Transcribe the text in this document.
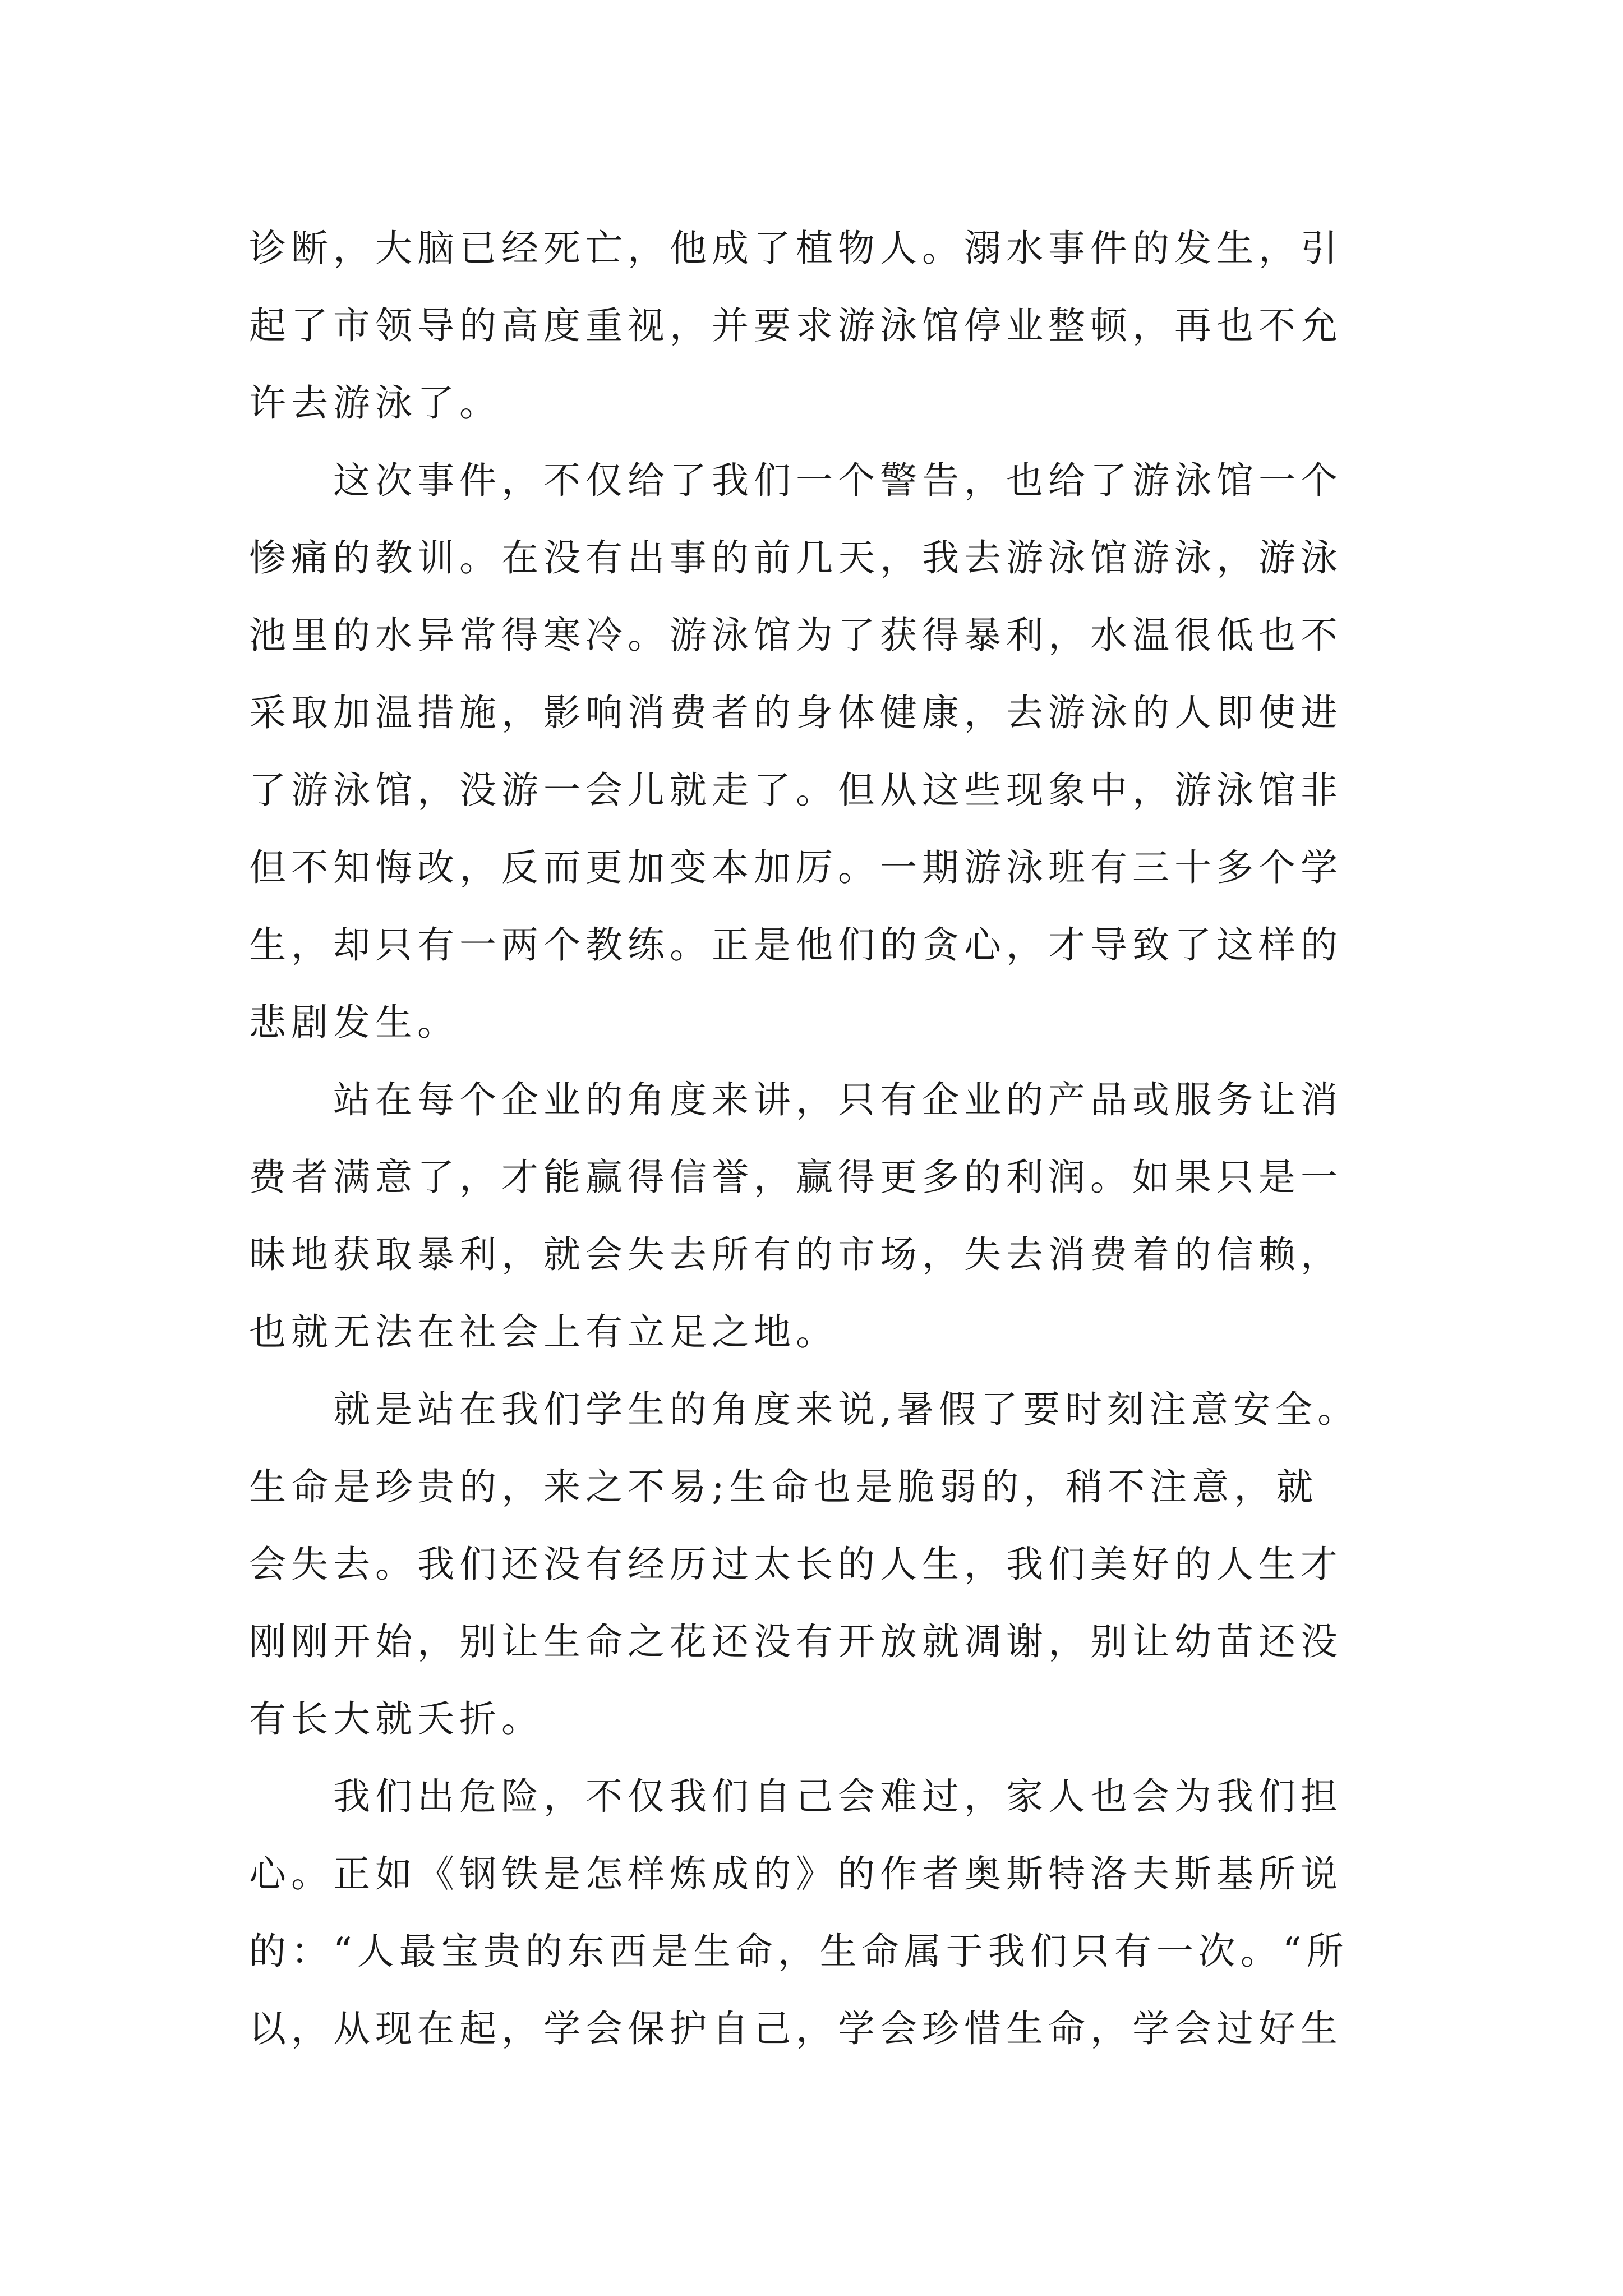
诊断，大脑已经死亡，他成了植物人。溺水事件的发生，引
起了市领导的高度重视，并要求游泳馆停业整顿，再也不允
许去游泳了。
这次事件，不仅给了我们一个警告，也给了游泳馆一个
惨痛的教训。在没有出事的前几天，我去游泳馆游泳，游泳
池里的水异常得寒冷。游泳馆为了获得暴利，水温很低也不
采取加温措施，影响消费者的身体健康，去游泳的人即使进
了游泳馆，没游一会儿就走了。但从这些现象中，游泳馆非
但不知悔改，反而更加变本加厉。一期游泳班有三十多个学
生，却只有一两个教练。正是他们的贪心，才导致了这样的
悲剧发生。
站在每个企业的角度来讲，只有企业的产品或服务让消
费者满意了，才能赢得信誉，赢得更多的利润。如果只是一
昧地获取暴利，就会失去所有的市场，失去消费着的信赖，
也就无法在社会上有立足之地。
就是站在我们学生的角度来说,暑假了要时刻注意安全。
生命是珍贵的，来之不易;生命也是脆弱的，稍不注意，就
会失去。我们还没有经历过太长的人生，我们美好的人生才
刚刚开始，别让生命之花还没有开放就凋谢，别让幼苗还没
有长大就夭折。
我们出危险，不仅我们自己会难过，家人也会为我们担
心。正如《钢铁是怎样炼成的》的作者奥斯特洛夫斯基所说
的：“人最宝贵的东西是生命，生命属于我们只有一次。“所
以，从现在起，学会保护自己，学会珍惜生命，学会过好生
